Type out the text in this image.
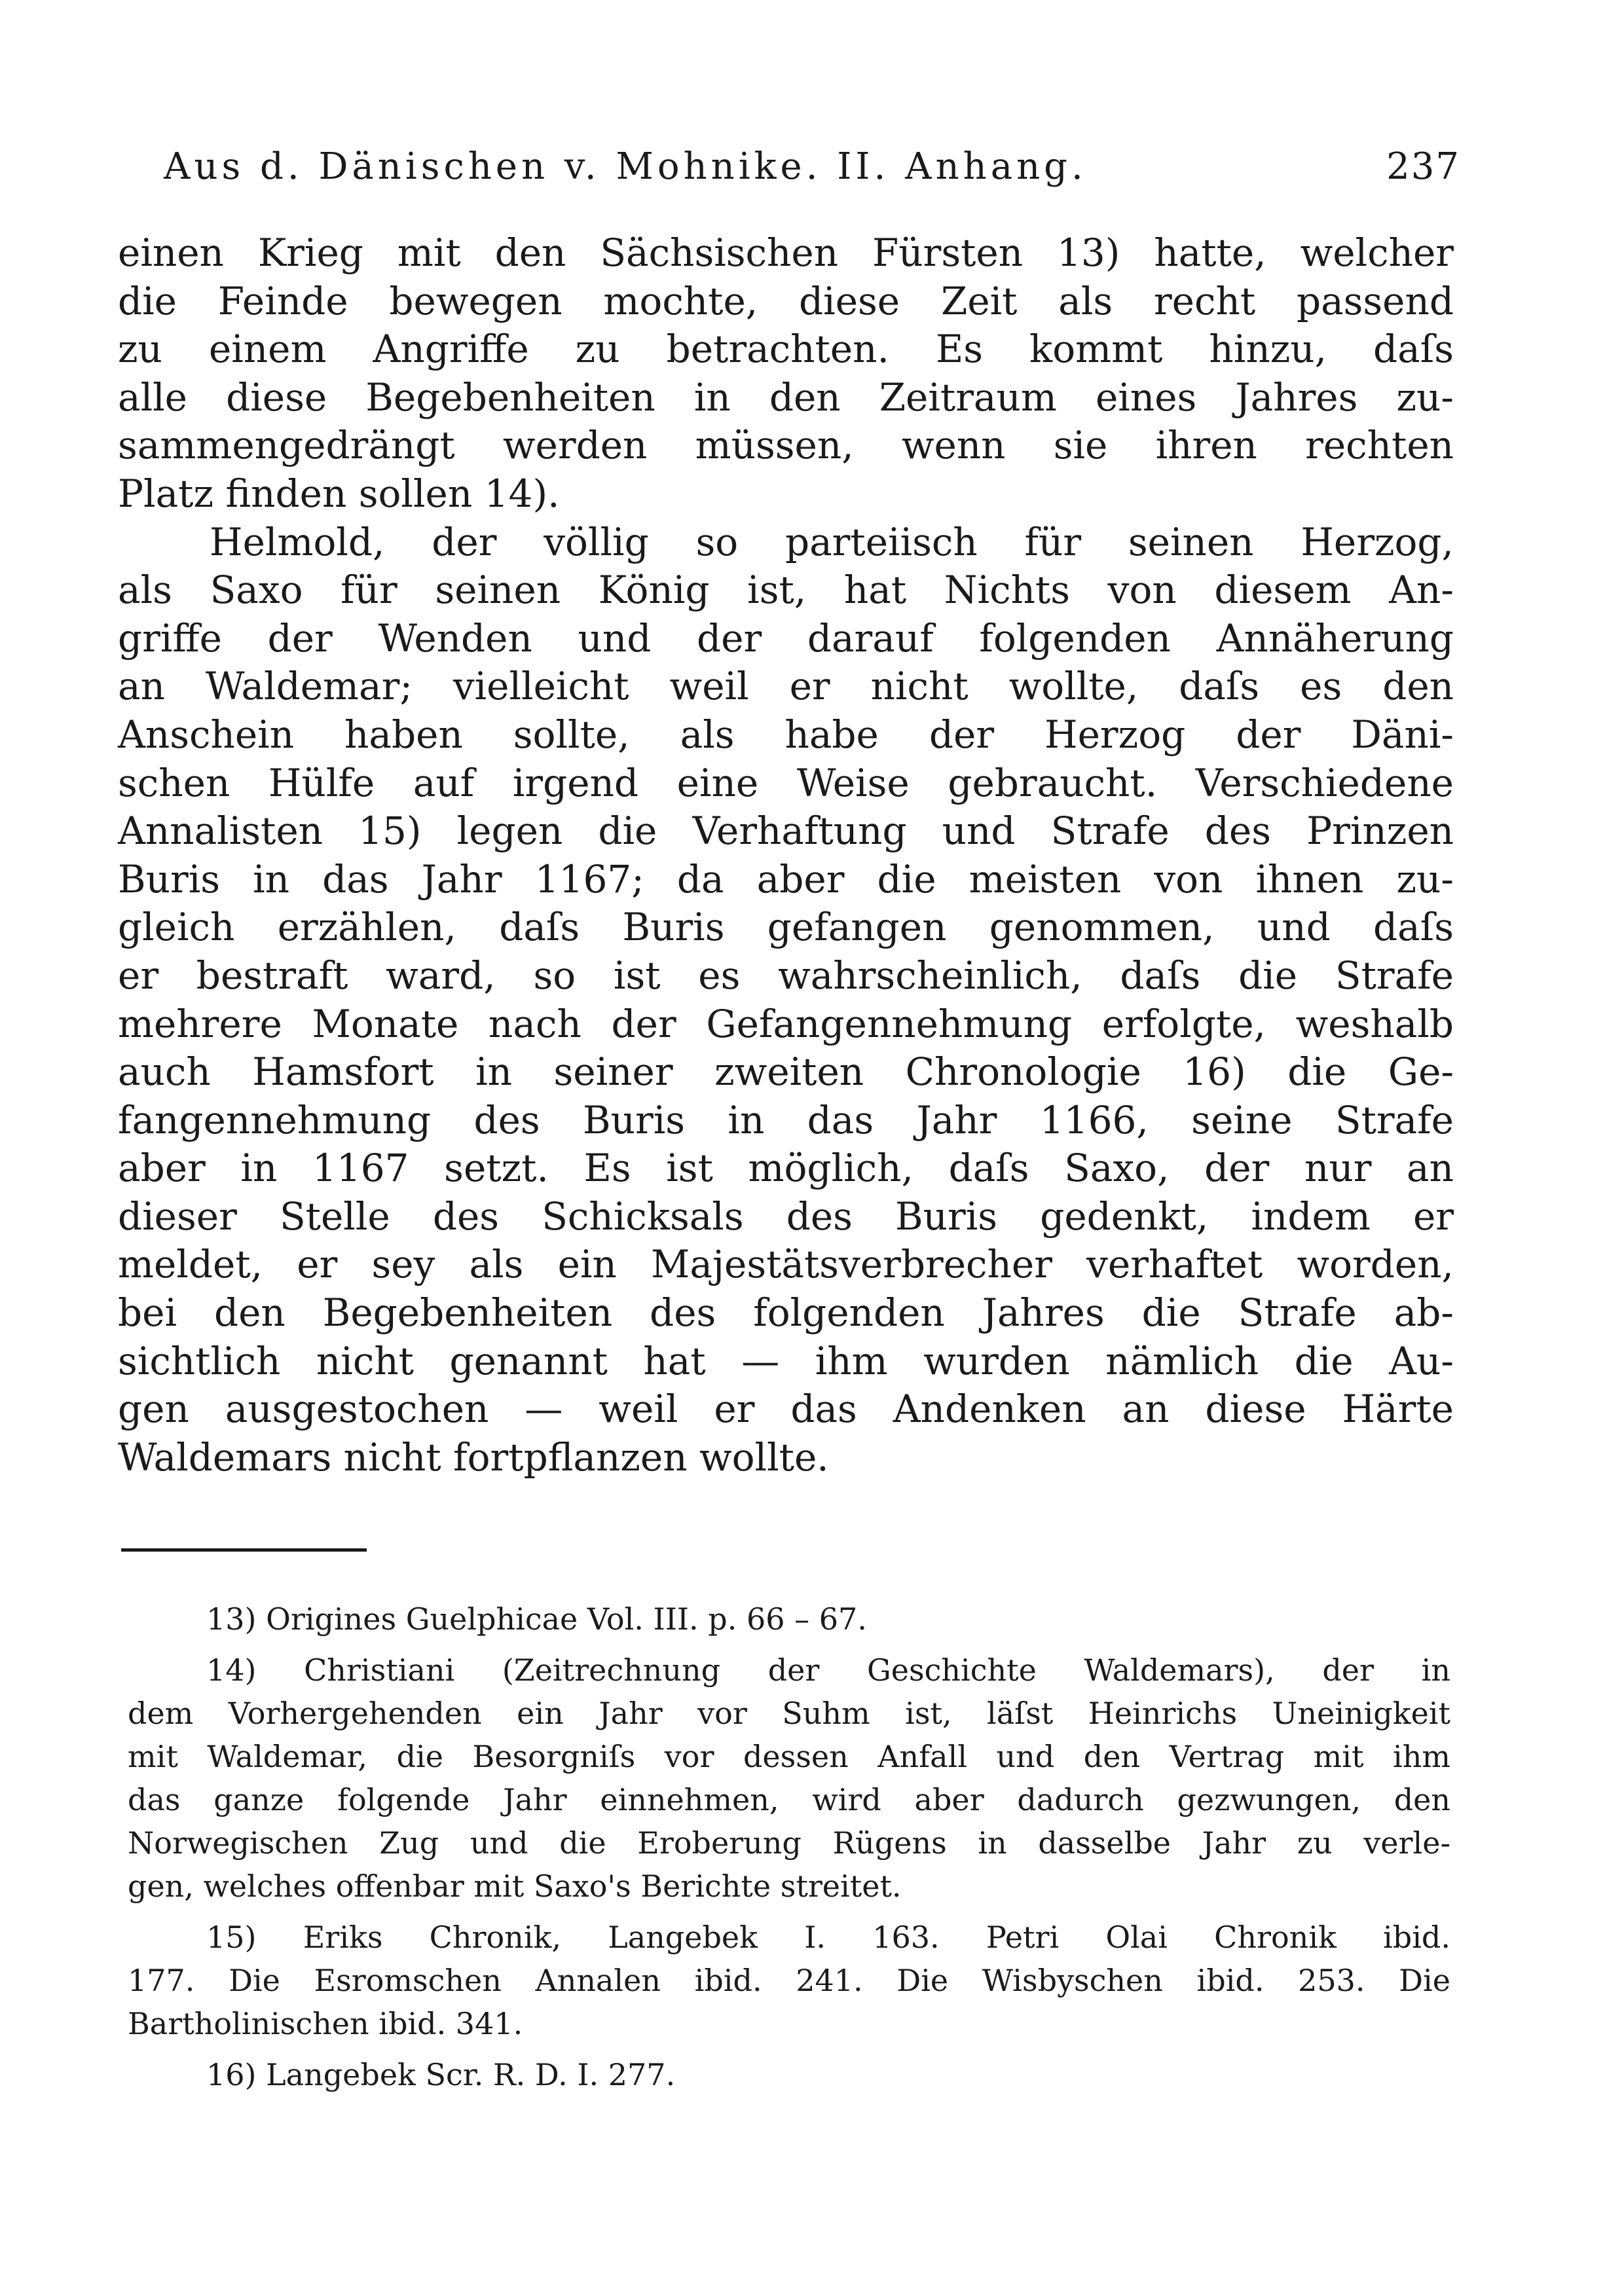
Aus d. Dänischen v. Mohnike. II. Anhang.	237
einen Krieg mit den Sächsischen Fürsten 13) hatte, welcher
die Feinde bewegen mochte, diese Zeit als recht passend
zu einem Angriffe zu betrachten. Es kommt hinzu, daſs
alle diese Begebenheiten in den Zeitraum eines Jahres zu-
sammengedrängt werden müssen, wenn sie ihren rechten
Platz finden sollen 14).
Helmold, der völlig so parteiisch für seinen Herzog,
als Saxo für seinen König ist, hat Nichts von diesem An-
griffe der Wenden und der darauf folgenden Annäherung
an Waldemar; vielleicht weil er nicht wollte, daſs es den
Anschein haben sollte, als habe der Herzog der Däni-
schen Hülfe auf irgend eine Weise gebraucht. Verschiedene
Annalisten 15) legen die Verhaftung und Strafe des Prinzen
Buris in das Jahr 1167; da aber die meisten von ihnen zu-
gleich erzählen, daſs Buris gefangen genommen, und daſs
er bestraft ward, so ist es wahrscheinlich, daſs die Strafe
mehrere Monate nach der Gefangennehmung erfolgte, weshalb
auch Hamsfort in seiner zweiten Chronologie 16) die Ge-
fangennehmung des Buris in das Jahr 1166, seine Strafe
aber in 1167 setzt. Es ist möglich, daſs Saxo, der nur an
dieser Stelle des Schicksals des Buris gedenkt, indem er
meldet, er sey als ein Majestätsverbrecher verhaftet worden,
bei den Begebenheiten des folgenden Jahres die Strafe ab-
sichtlich nicht genannt hat — ihm wurden nämlich die Au-
gen ausgestochen — weil er das Andenken an diese Härte
Waldemars nicht fortpflanzen wollte.
13) Origines Guelphicae Vol. III. p. 66 – 67.
14) Christiani (Zeitrechnung der Geschichte Waldemars), der in
dem Vorhergehenden ein Jahr vor Suhm ist, läſst Heinrichs Uneinigkeit
mit Waldemar, die Besorgniſs vor dessen Anfall und den Vertrag mit ihm
das ganze folgende Jahr einnehmen, wird aber dadurch gezwungen, den
Norwegischen Zug und die Eroberung Rügens in dasselbe Jahr zu verle-
gen, welches offenbar mit Saxo's Berichte streitet.
15) Eriks Chronik, Langebek I. 163. Petri Olai Chronik ibid.
177. Die Esromschen Annalen ibid. 241. Die Wisbyschen ibid. 253. Die
Bartholinischen ibid. 341.
16) Langebek Scr. R. D. I. 277.
